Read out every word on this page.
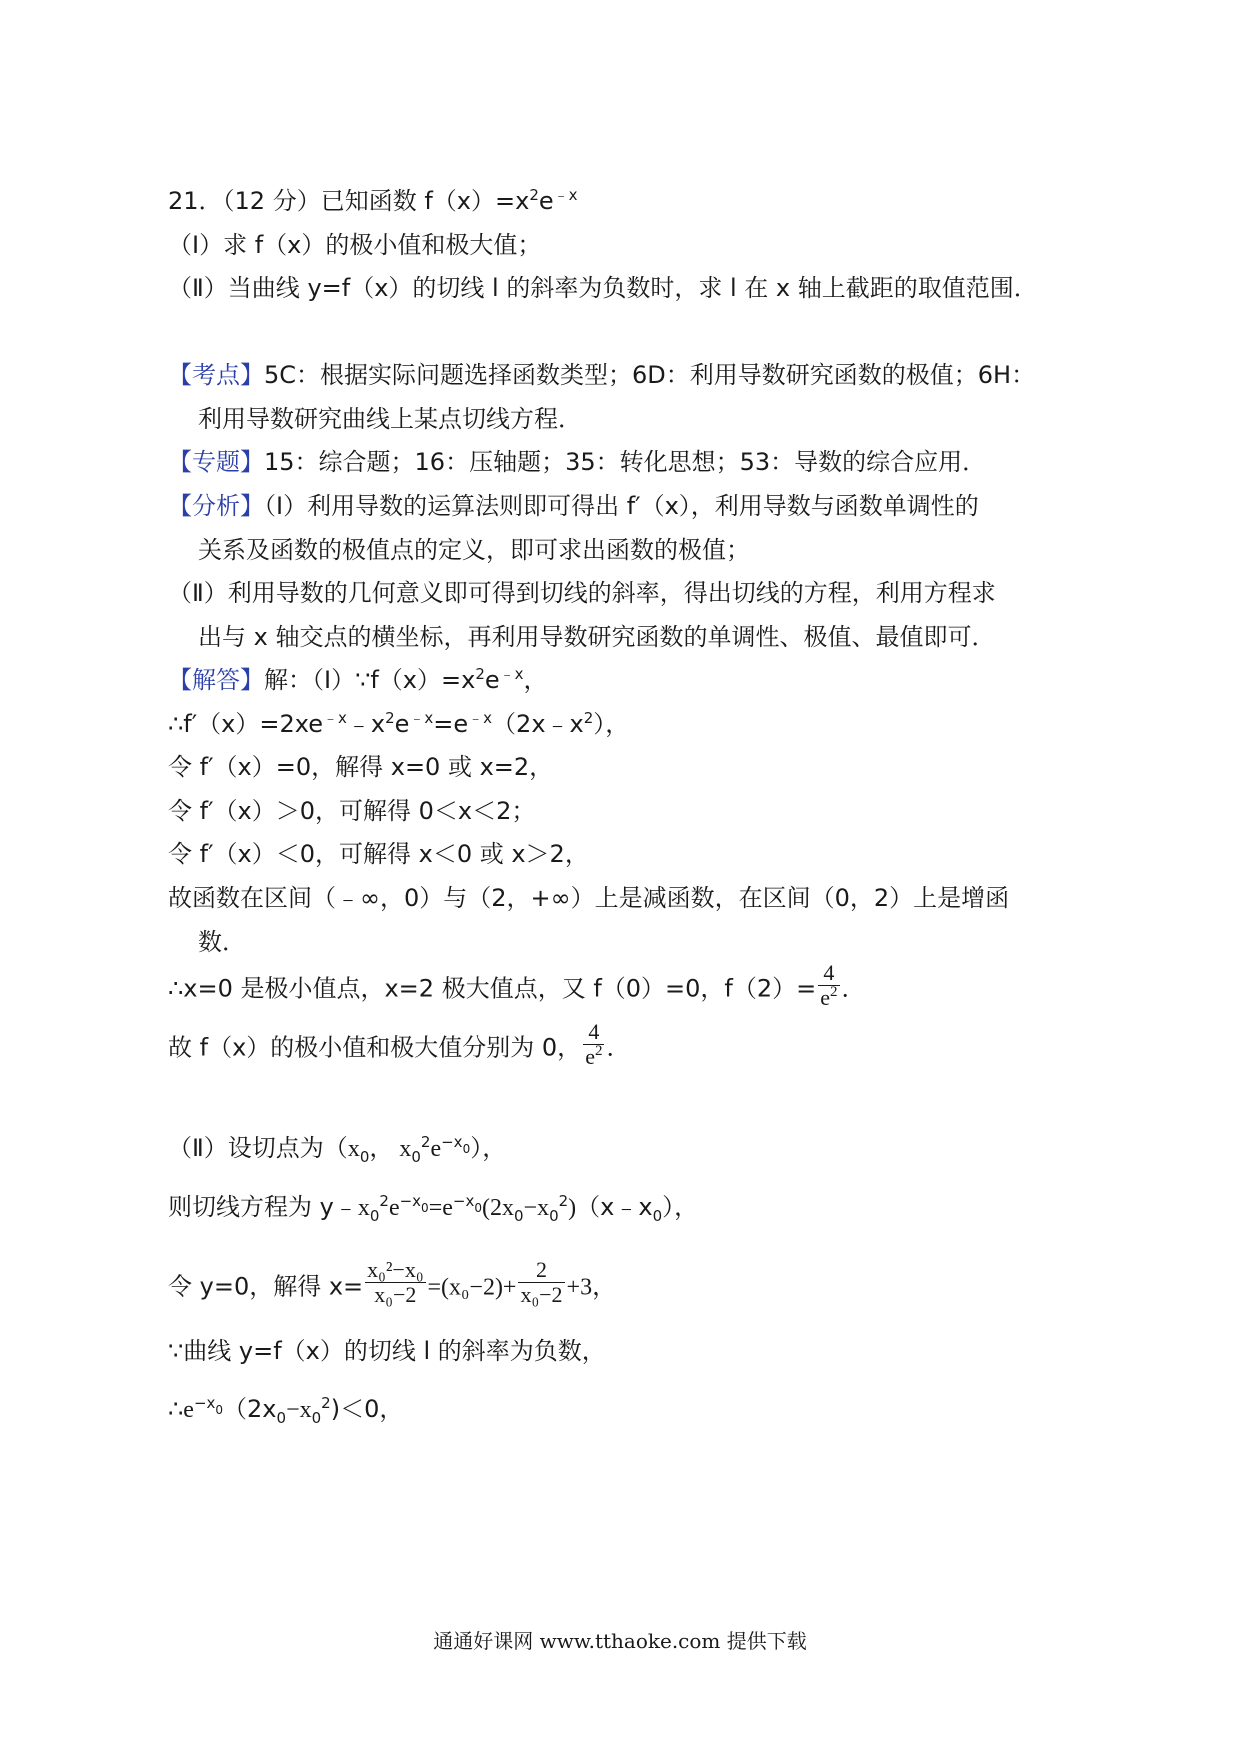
21．（12 分）已知函数 $f(x)=x^2e^{﹣x}$
（Ⅰ）求 f（x）的极小值和极大值；
（Ⅱ）当曲线 y=f（x）的切线 l 的斜率为负数时，求 l 在 x 轴上截距的取值范围．
【考点】5C：根据实际问题选择函数类型；6D：利用导数研究函数的极值；6H：
利用导数研究曲线上某点切线方程．
【专题】15：综合题；16：压轴题；35：转化思想；53：导数的综合应用．
【分析】（Ⅰ）利用导数的运算法则即可得出 f′（x），利用导数与函数单调性的
关系及函数的极值点的定义，即可求出函数的极值；
（Ⅱ）利用导数的几何意义即可得到切线的斜率，得出切线的方程，利用方程求
出与 x 轴交点的横坐标，再利用导数研究函数的单调性、极值、最值即可．
【解答】解：$(Ⅰ)\because f(x)=x^2e^{﹣x}$，
$\therefore f'(x)=2xe^{﹣x}﹣x^2e^{﹣x}=e^{﹣x}(2x﹣x^2)$，
令 f′（x）=0，解得 x=0 或 x=2，
令 f′（x）＞0，可解得 0＜x＜2；
令 f′（x）＜0，可解得 x＜0 或 x＞2，
故函数在区间（﹣∞，0）与（2，+∞）上是减函数，在区间（0，2）上是增函
数．
∴x=0 是极小值点，x=2 极大值点，又 f（0）=0，$f(2)= \frac{4}{e^2}$ ．
故 f（x）的极小值和极大值分别为 0， $\frac{4}{e^2}$ ．
（Ⅱ）设切点为（$x_0$， $x_0^2e^{-x_0}$），
则切线方程为 $y﹣x_0^2e^{-x_0}=e^{-x_0}(2x_0-x_0^2)(x﹣x_0)$，
令 y=0，解得 $x= \frac{\text{x₀²−x₀}}{\text{x₀−2}} =(x_0-2)+ \frac{2}{\text{x₀−2}} +3$，
∵曲线 y=f（x）的切线 l 的斜率为负数，
$\therefore e^{-x_0}(2x_0-x_0^2)<0$，
通通好课网 www.tthaoke.com 提供下载
